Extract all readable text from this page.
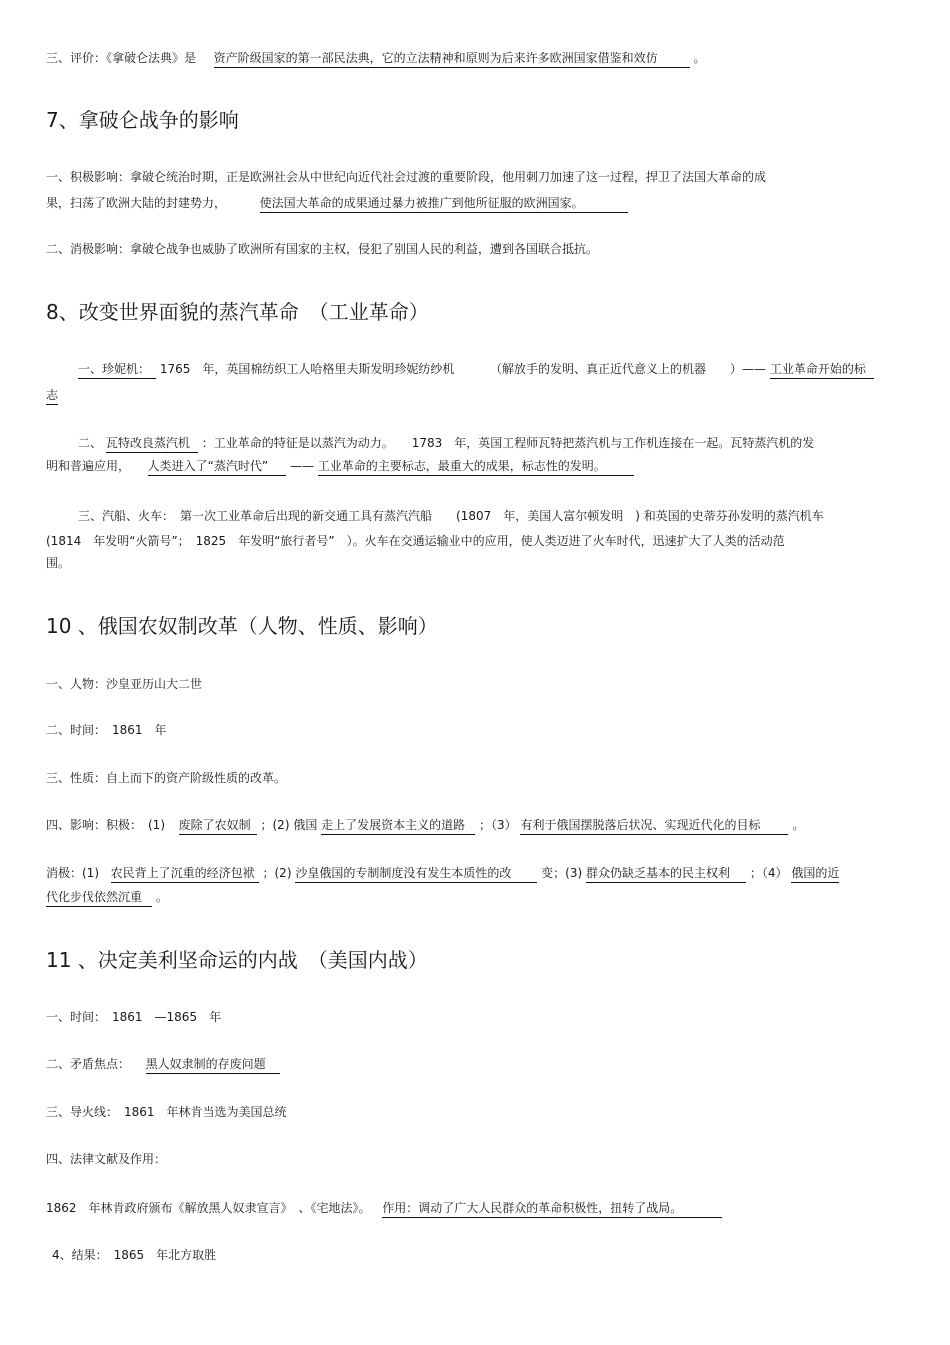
三、评价：《拿破仑法典》是 资产阶级国家的第一部民法典，它的立法精神和原则为后来许多欧洲国家借鉴和效仿	。
7、拿破仑战争的影响
一、积极影响：拿破仑统治时期，正是欧洲社会从中世纪向近代社会过渡的重要阶段，他用刺刀加速了这一过程，捍卫了法国大革命的成
果，扫荡了欧洲大陆的封建势力，	使法国大革命的成果通过暴力被推广到他所征服的欧洲国家。
二、消极影响：拿破仑战争也威胁了欧洲所有国家的主权，侵犯了别国人民的利益，遭到各国联合抵抗。
8、改变世界面貌的蒸汽革命　（工业革命）
一、珍妮机： 1765　年，英国棉纺织工人哈格里夫斯发明珍妮纺纱机	（解放手的发明、真正近代意义上的机器　　）—— 工业革命开始的标
志
二、 瓦特改良蒸汽机 ：工业革命的特征是以蒸汽为动力。　　1783　年，英国工程师瓦特把蒸汽机与工作机连接在一起。瓦特蒸汽机的发
明和普遍应用， 人类进入了“蒸汽时代” —— 工业革命的主要标志，最重大的成果，标志性的发明。
三、汽船、火车：　第一次工业革命后出现的新交通工具有蒸汽汽船　　(1807　年，美国人富尔顿发明　) 和英国的史蒂芬孙发明的蒸汽机车
(1814　年发明“火箭号”；　1825　年发明“旅行者号”　）。火车在交通运输业中的应用，使人类迈进了火车时代，迅速扩大了人类的活动范
围。
10 、俄国农奴制改革（人物、性质、影响）
一、人物：沙皇亚历山大二世
二、时间：　1861　年
三、性质：自上而下的资产阶级性质的改革。
四、影响：积极：　(1) 废除了农奴制 ；(2) 俄国 走上了发展资本主义的道路 ；（3） 有利于俄国摆脱落后状况、实现近代化的目标	。
消极：(1) 农民背上了沉重的经济包袱 ；(2) 沙皇俄国的专制制度没有发生本质性的改 变；(3) 群众仍缺乏基本的民主权利 ；（4） 俄国的近
代化步伐依然沉重 。
11 、决定美利坚命运的内战　（美国内战）
一、时间：　1861　—1865　年
二、矛盾焦点： 黑人奴隶制的存废问题
三、导火线：　1861　年林肯当选为美国总统
四、法律文献及作用：
1862　年林肯政府颁布《解放黑人奴隶宣言》　、《宅地法》。 作用：调动了广大人民群众的革命积极性，扭转了战局。
4、结果：　1865　年北方取胜
